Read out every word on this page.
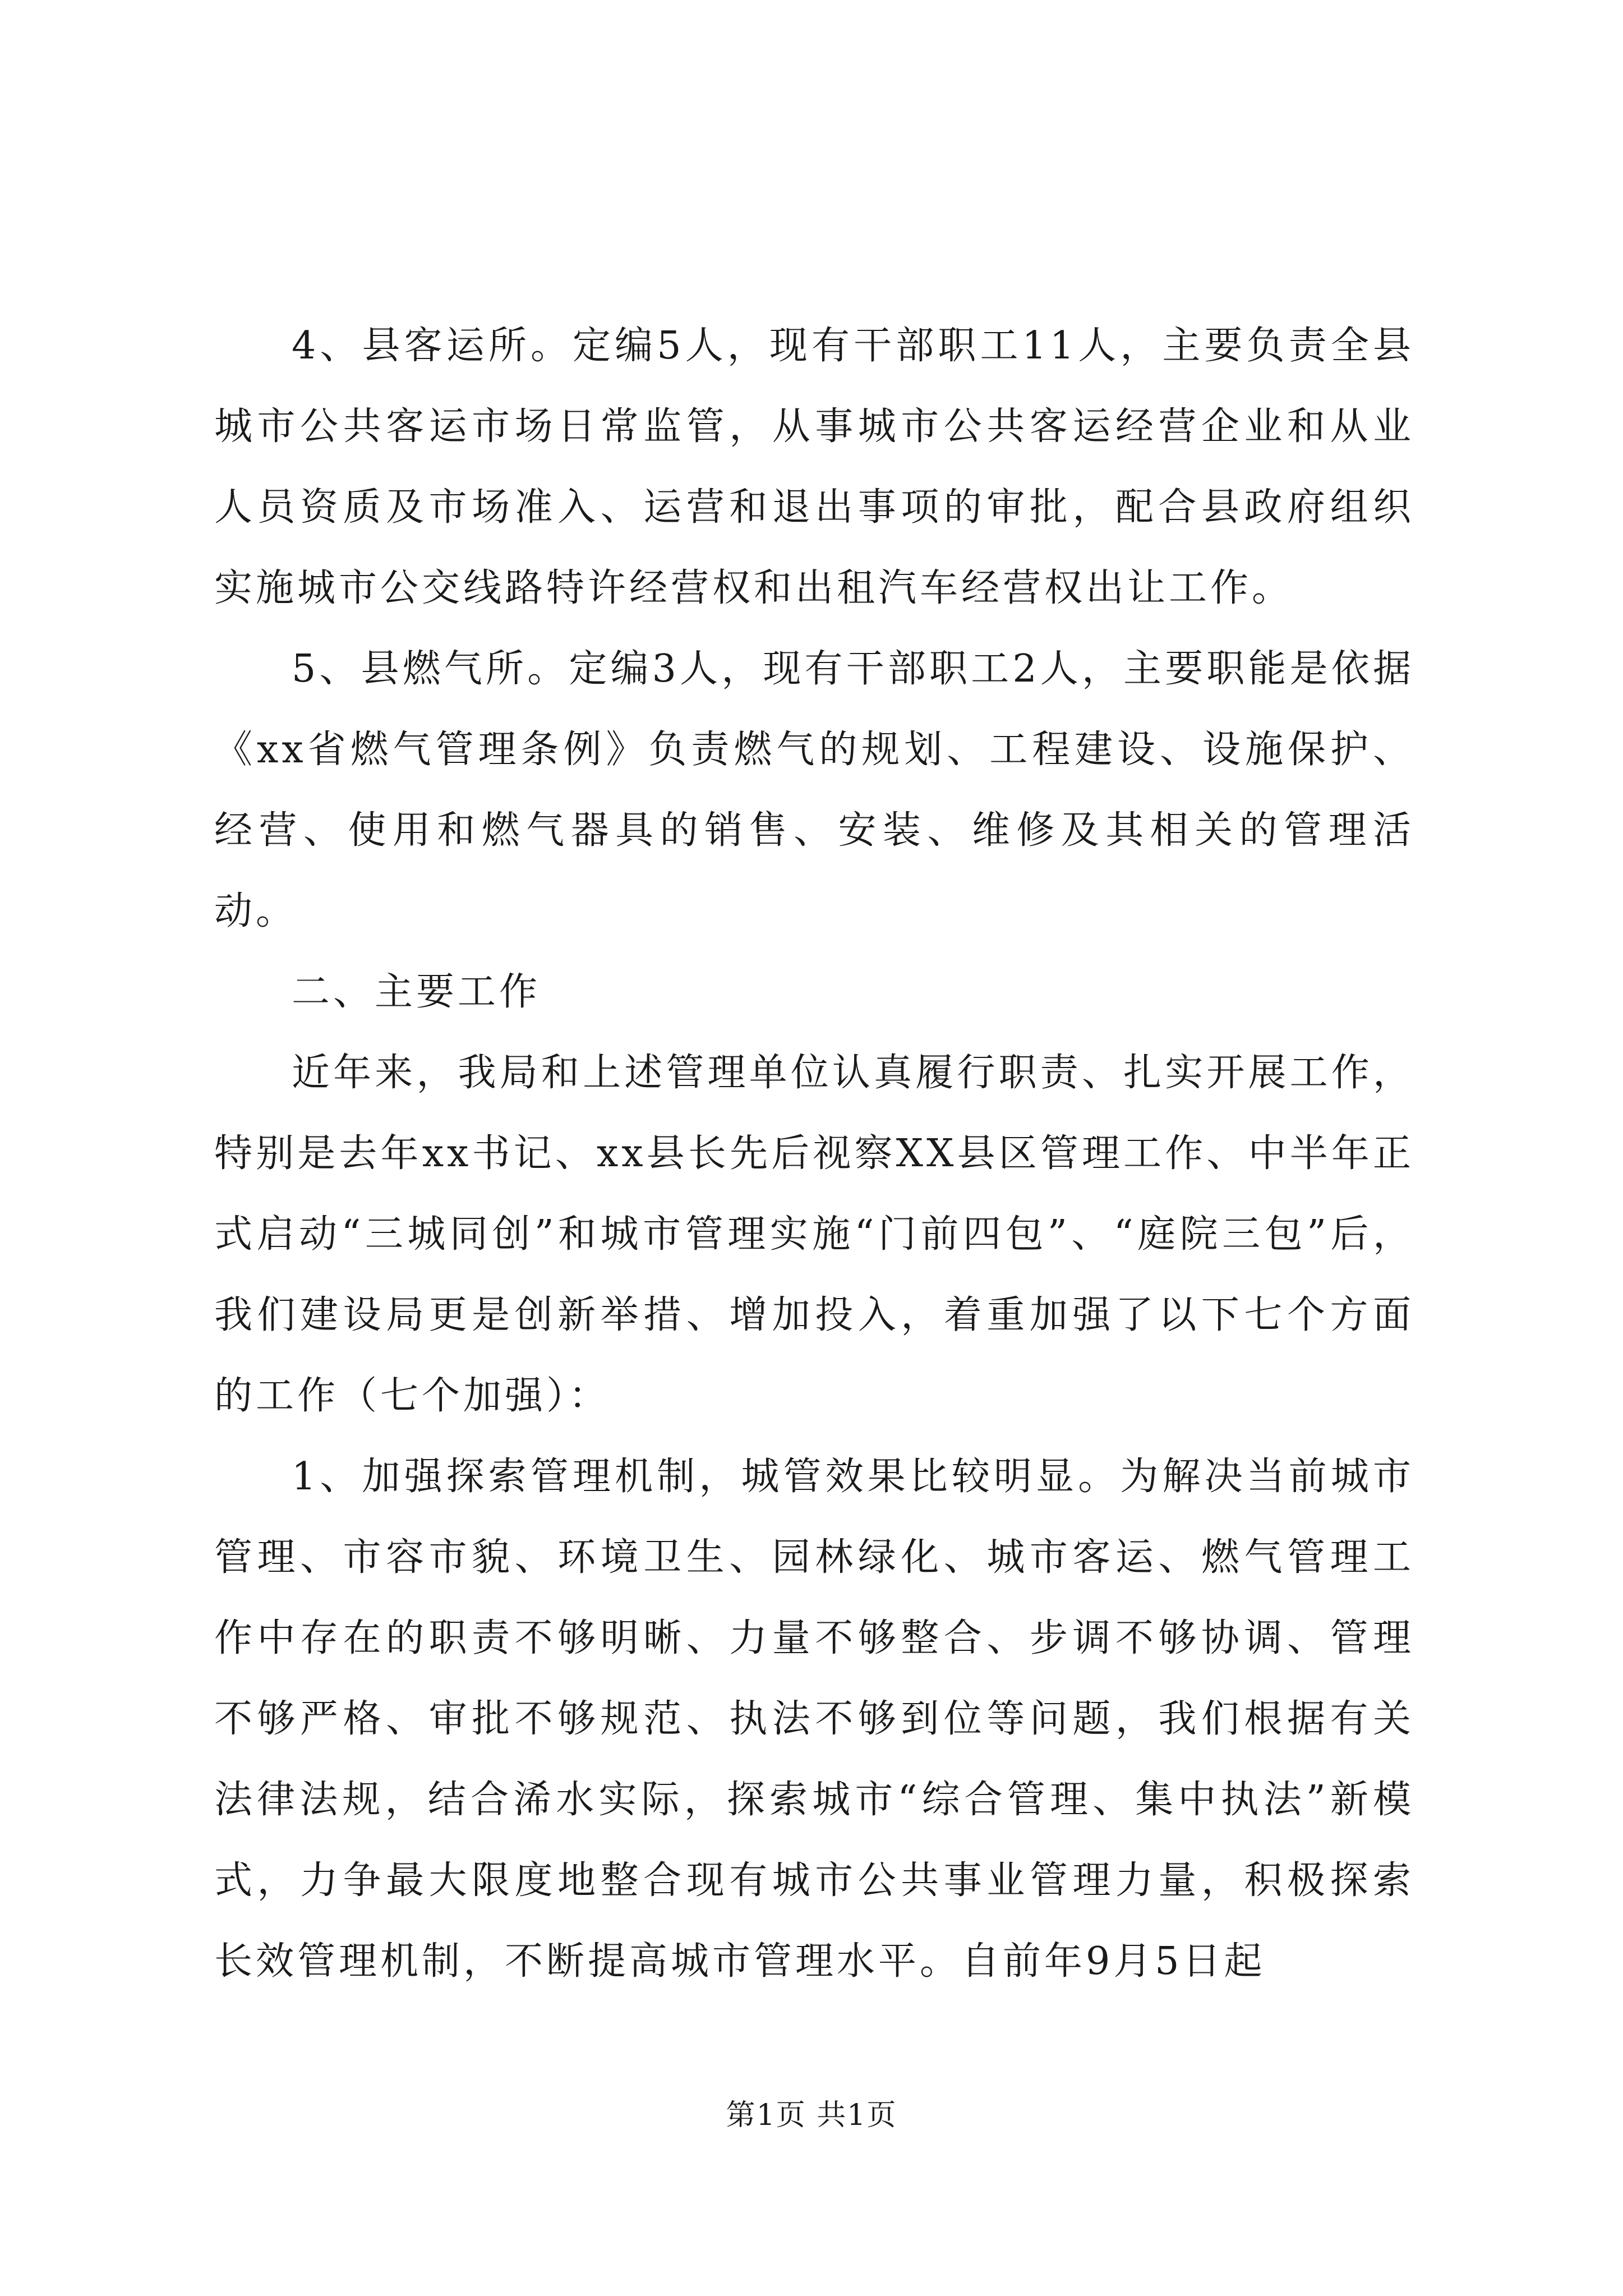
4、县客运所。定编5人，现有干部职工11人，主要负责全县城市公共客运市场日常监管，从事城市公共客运经营企业和从业人员资质及市场准入、运营和退出事项的审批，配合县政府组织实施城市公交线路特许经营权和出租汽车经营权出让工作。

5、县燃气所。定编3人，现有干部职工2人，主要职能是依据《xx省燃气管理条例》负责燃气的规划、工程建设、设施保护、经营、使用和燃气器具的销售、安装、维修及其相关的管理活动。

二、主要工作

近年来，我局和上述管理单位认真履行职责、扎实开展工作，特别是去年xx书记、xx县长先后视察XX县区管理工作、中半年正式启动“三城同创”和城市管理实施“门前四包”、“庭院三包”后，我们建设局更是创新举措、增加投入，着重加强了以下七个方面的工作（七个加强）：

1、加强探索管理机制，城管效果比较明显。为解决当前城市管理、市容市貌、环境卫生、园林绿化、城市客运、燃气管理工作中存在的职责不够明晰、力量不够整合、步调不够协调、管理不够严格、审批不够规范、执法不够到位等问题，我们根据有关法律法规，结合浠水实际，探索城市“综合管理、集中执法”新模式，力争最大限度地整合现有城市公共事业管理力量，积极探索长效管理机制，不断提高城市管理水平。自前年9月5日起

第1页 共1页
